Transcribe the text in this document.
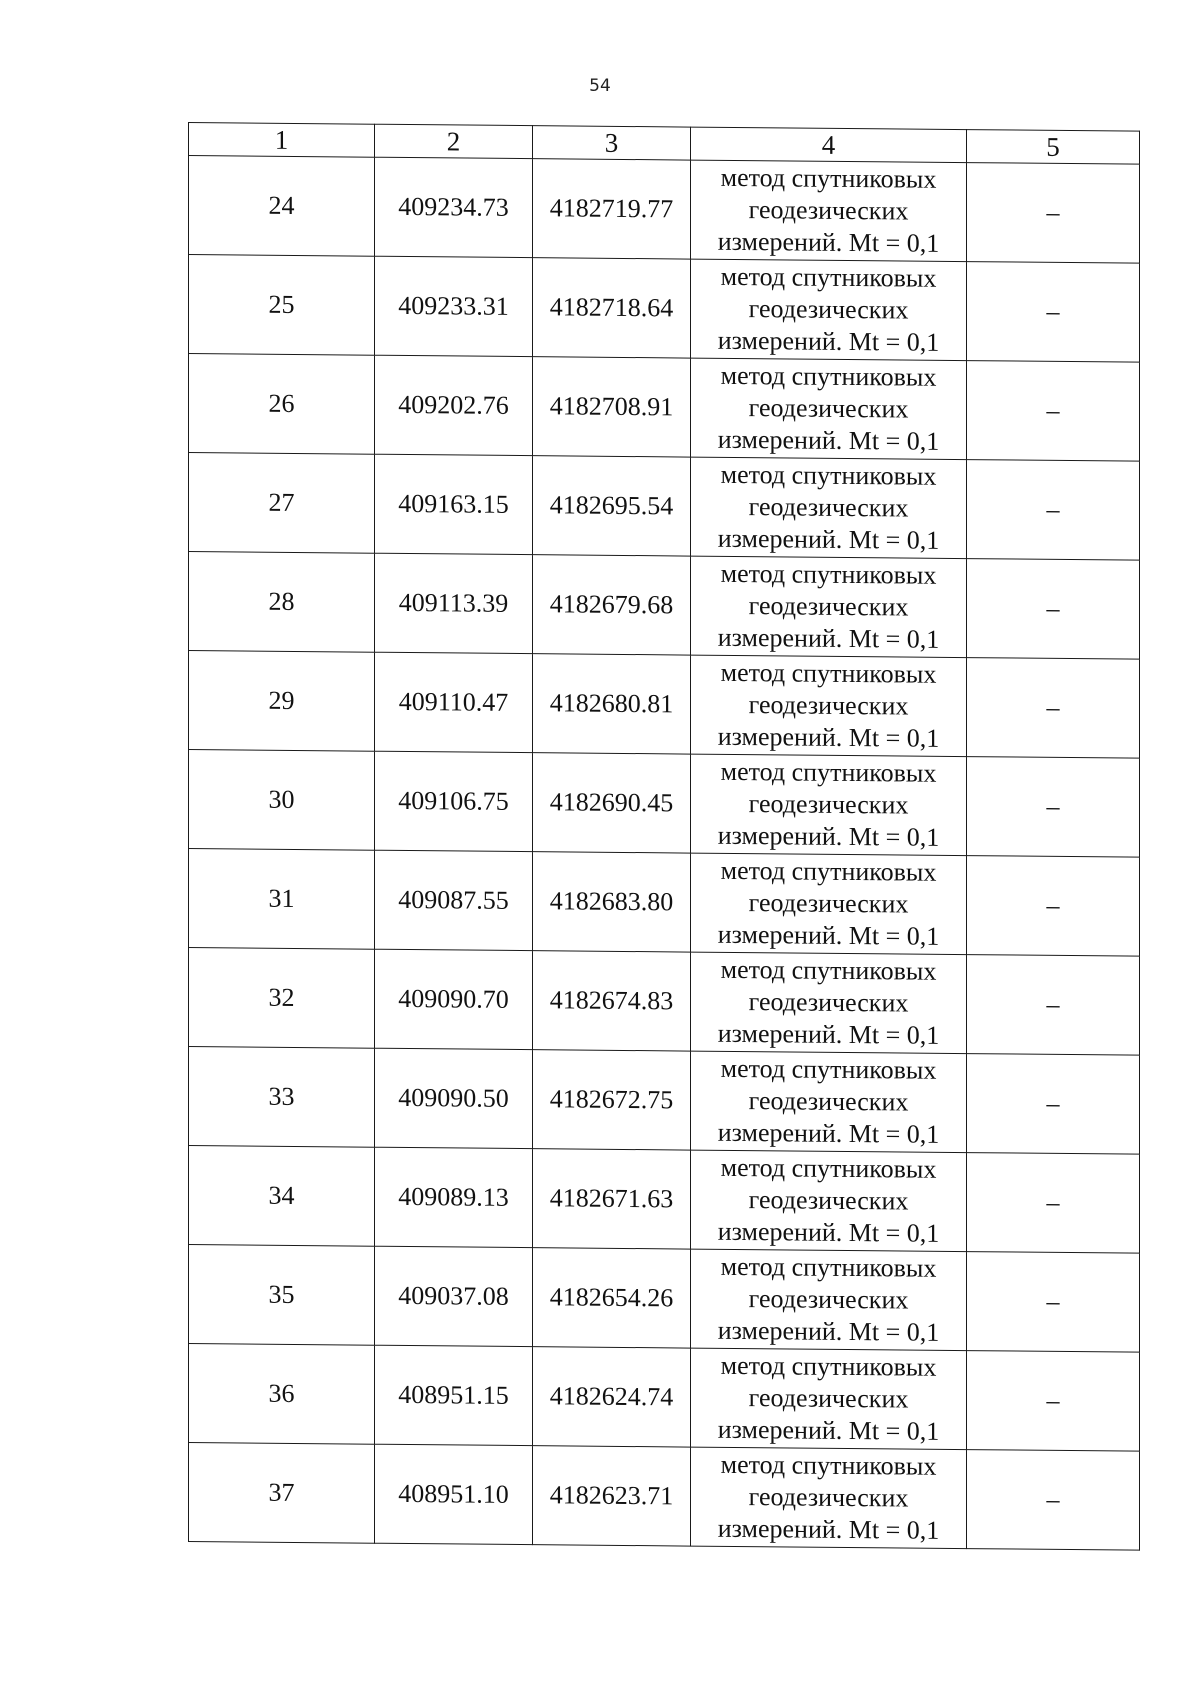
54
1	2	3	4	5
24	409234.73	4182719.77	метод спутниковых
геодезических
измерений. Mt = 0,1	–
25	409233.31	4182718.64	метод спутниковых
геодезических
измерений. Mt = 0,1	–
26	409202.76	4182708.91	метод спутниковых
геодезических
измерений. Mt = 0,1	–
27	409163.15	4182695.54	метод спутниковых
геодезических
измерений. Mt = 0,1	–
28	409113.39	4182679.68	метод спутниковых
геодезических
измерений. Mt = 0,1	–
29	409110.47	4182680.81	метод спутниковых
геодезических
измерений. Mt = 0,1	–
30	409106.75	4182690.45	метод спутниковых
геодезических
измерений. Mt = 0,1	–
31	409087.55	4182683.80	метод спутниковых
геодезических
измерений. Mt = 0,1	–
32	409090.70	4182674.83	метод спутниковых
геодезических
измерений. Mt = 0,1	–
33	409090.50	4182672.75	метод спутниковых
геодезических
измерений. Mt = 0,1	–
34	409089.13	4182671.63	метод спутниковых
геодезических
измерений. Mt = 0,1	–
35	409037.08	4182654.26	метод спутниковых
геодезических
измерений. Mt = 0,1	–
36	408951.15	4182624.74	метод спутниковых
геодезических
измерений. Mt = 0,1	–
37	408951.10	4182623.71	метод спутниковых
геодезических
измерений. Mt = 0,1	–
